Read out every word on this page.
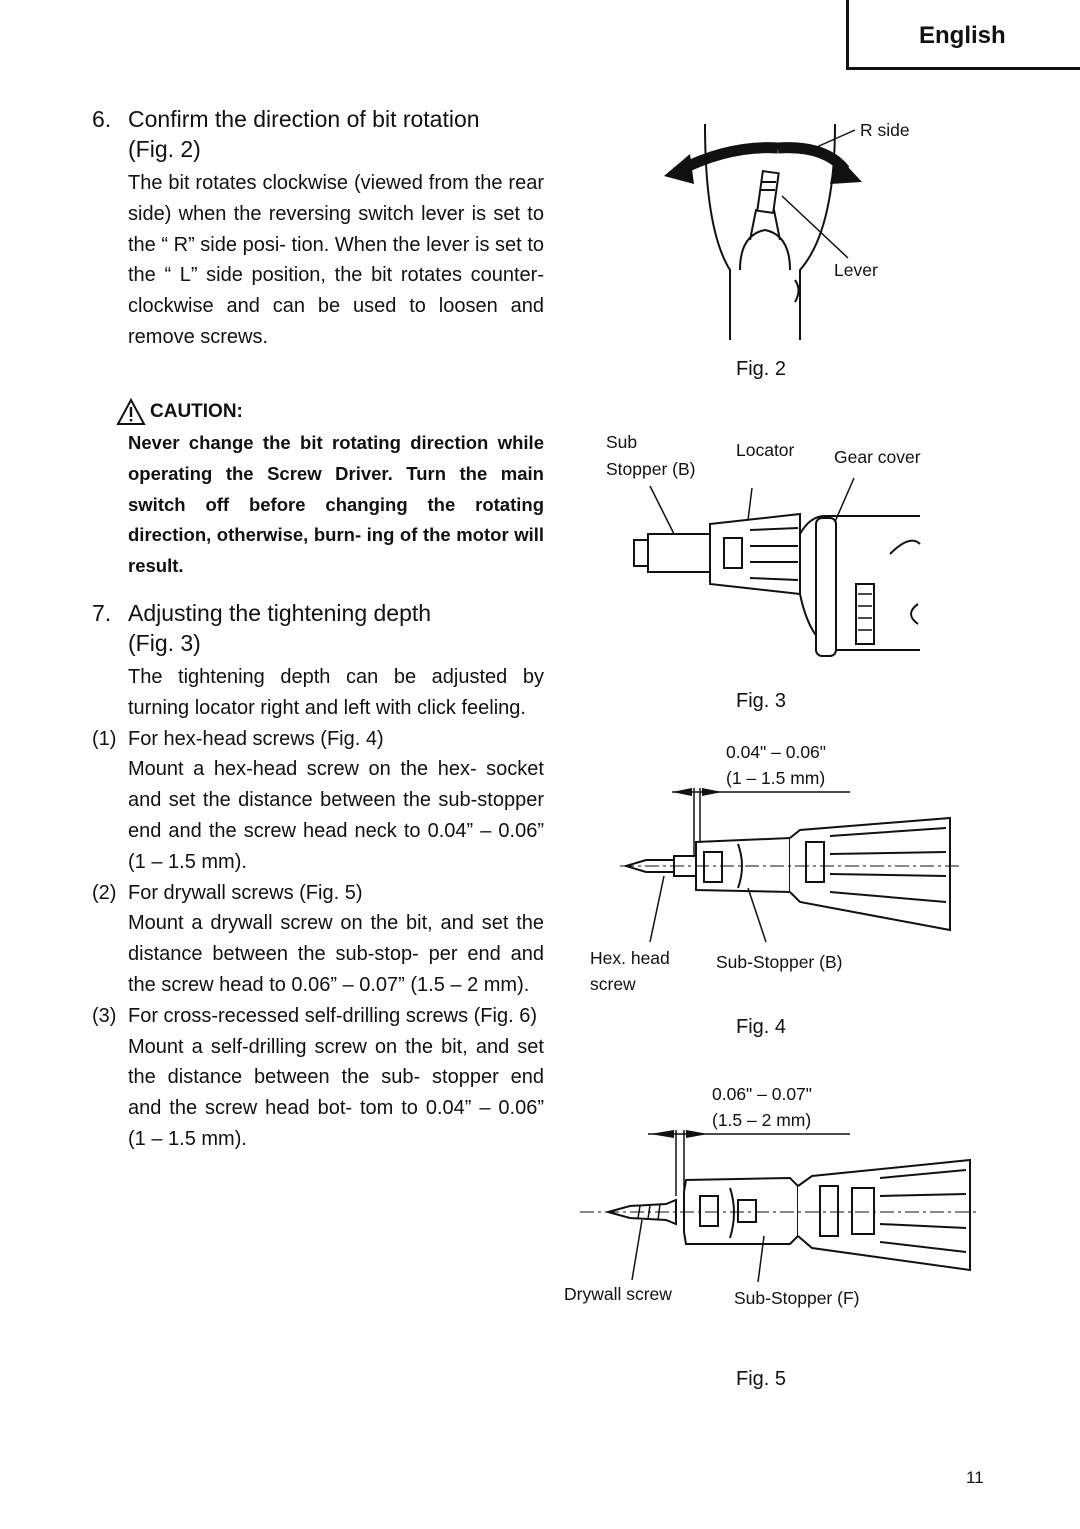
English

6. Confirm the direction of bit rotation
(Fig. 2)

The bit rotates clockwise (viewed from the rear side) when the reversing switch lever is set to the “ R” side posi- tion. When the lever is set to the “ L” side position, the bit rotates counter- clockwise and can be used to loosen and remove screws.

CAUTION:

Never change the bit rotating direction while operating the Screw Driver. Turn the main switch off before changing the rotating direction, otherwise, burn- ing of the motor will result.

7. Adjusting the tightening depth
(Fig. 3)

The tightening depth can be adjusted by turning locator right and left with click feeling.

(1) For hex-head screws (Fig. 4)

Mount a hex-head screw on the hex- socket and set the distance between the sub-stopper end and the screw head neck to 0.04” – 0.06” (1 – 1.5 mm).

(2) For drywall screws (Fig. 5)

Mount a drywall screw on the bit, and set the distance between the sub-stop- per end and the screw head to 0.06” – 0.07” (1.5 – 2 mm).

(3) For cross-recessed self-drilling screws (Fig. 6)

Mount a self-drilling screw on the bit, and set the distance between the sub- stopper end and the screw head bot- tom to 0.04” – 0.06” (1 – 1.5 mm).

R side
Lever
Fig. 2
Sub
Stopper (B)
Locator Gear cover
Fig. 3
0.04" – 0.06"
(1 – 1.5 mm)
Hex. head
screw
Sub-Stopper (B)
Fig. 4
0.06" – 0.07"
(1.5 – 2 mm)
Drywall screw	Sub-Stopper (F)
Fig. 5
11
